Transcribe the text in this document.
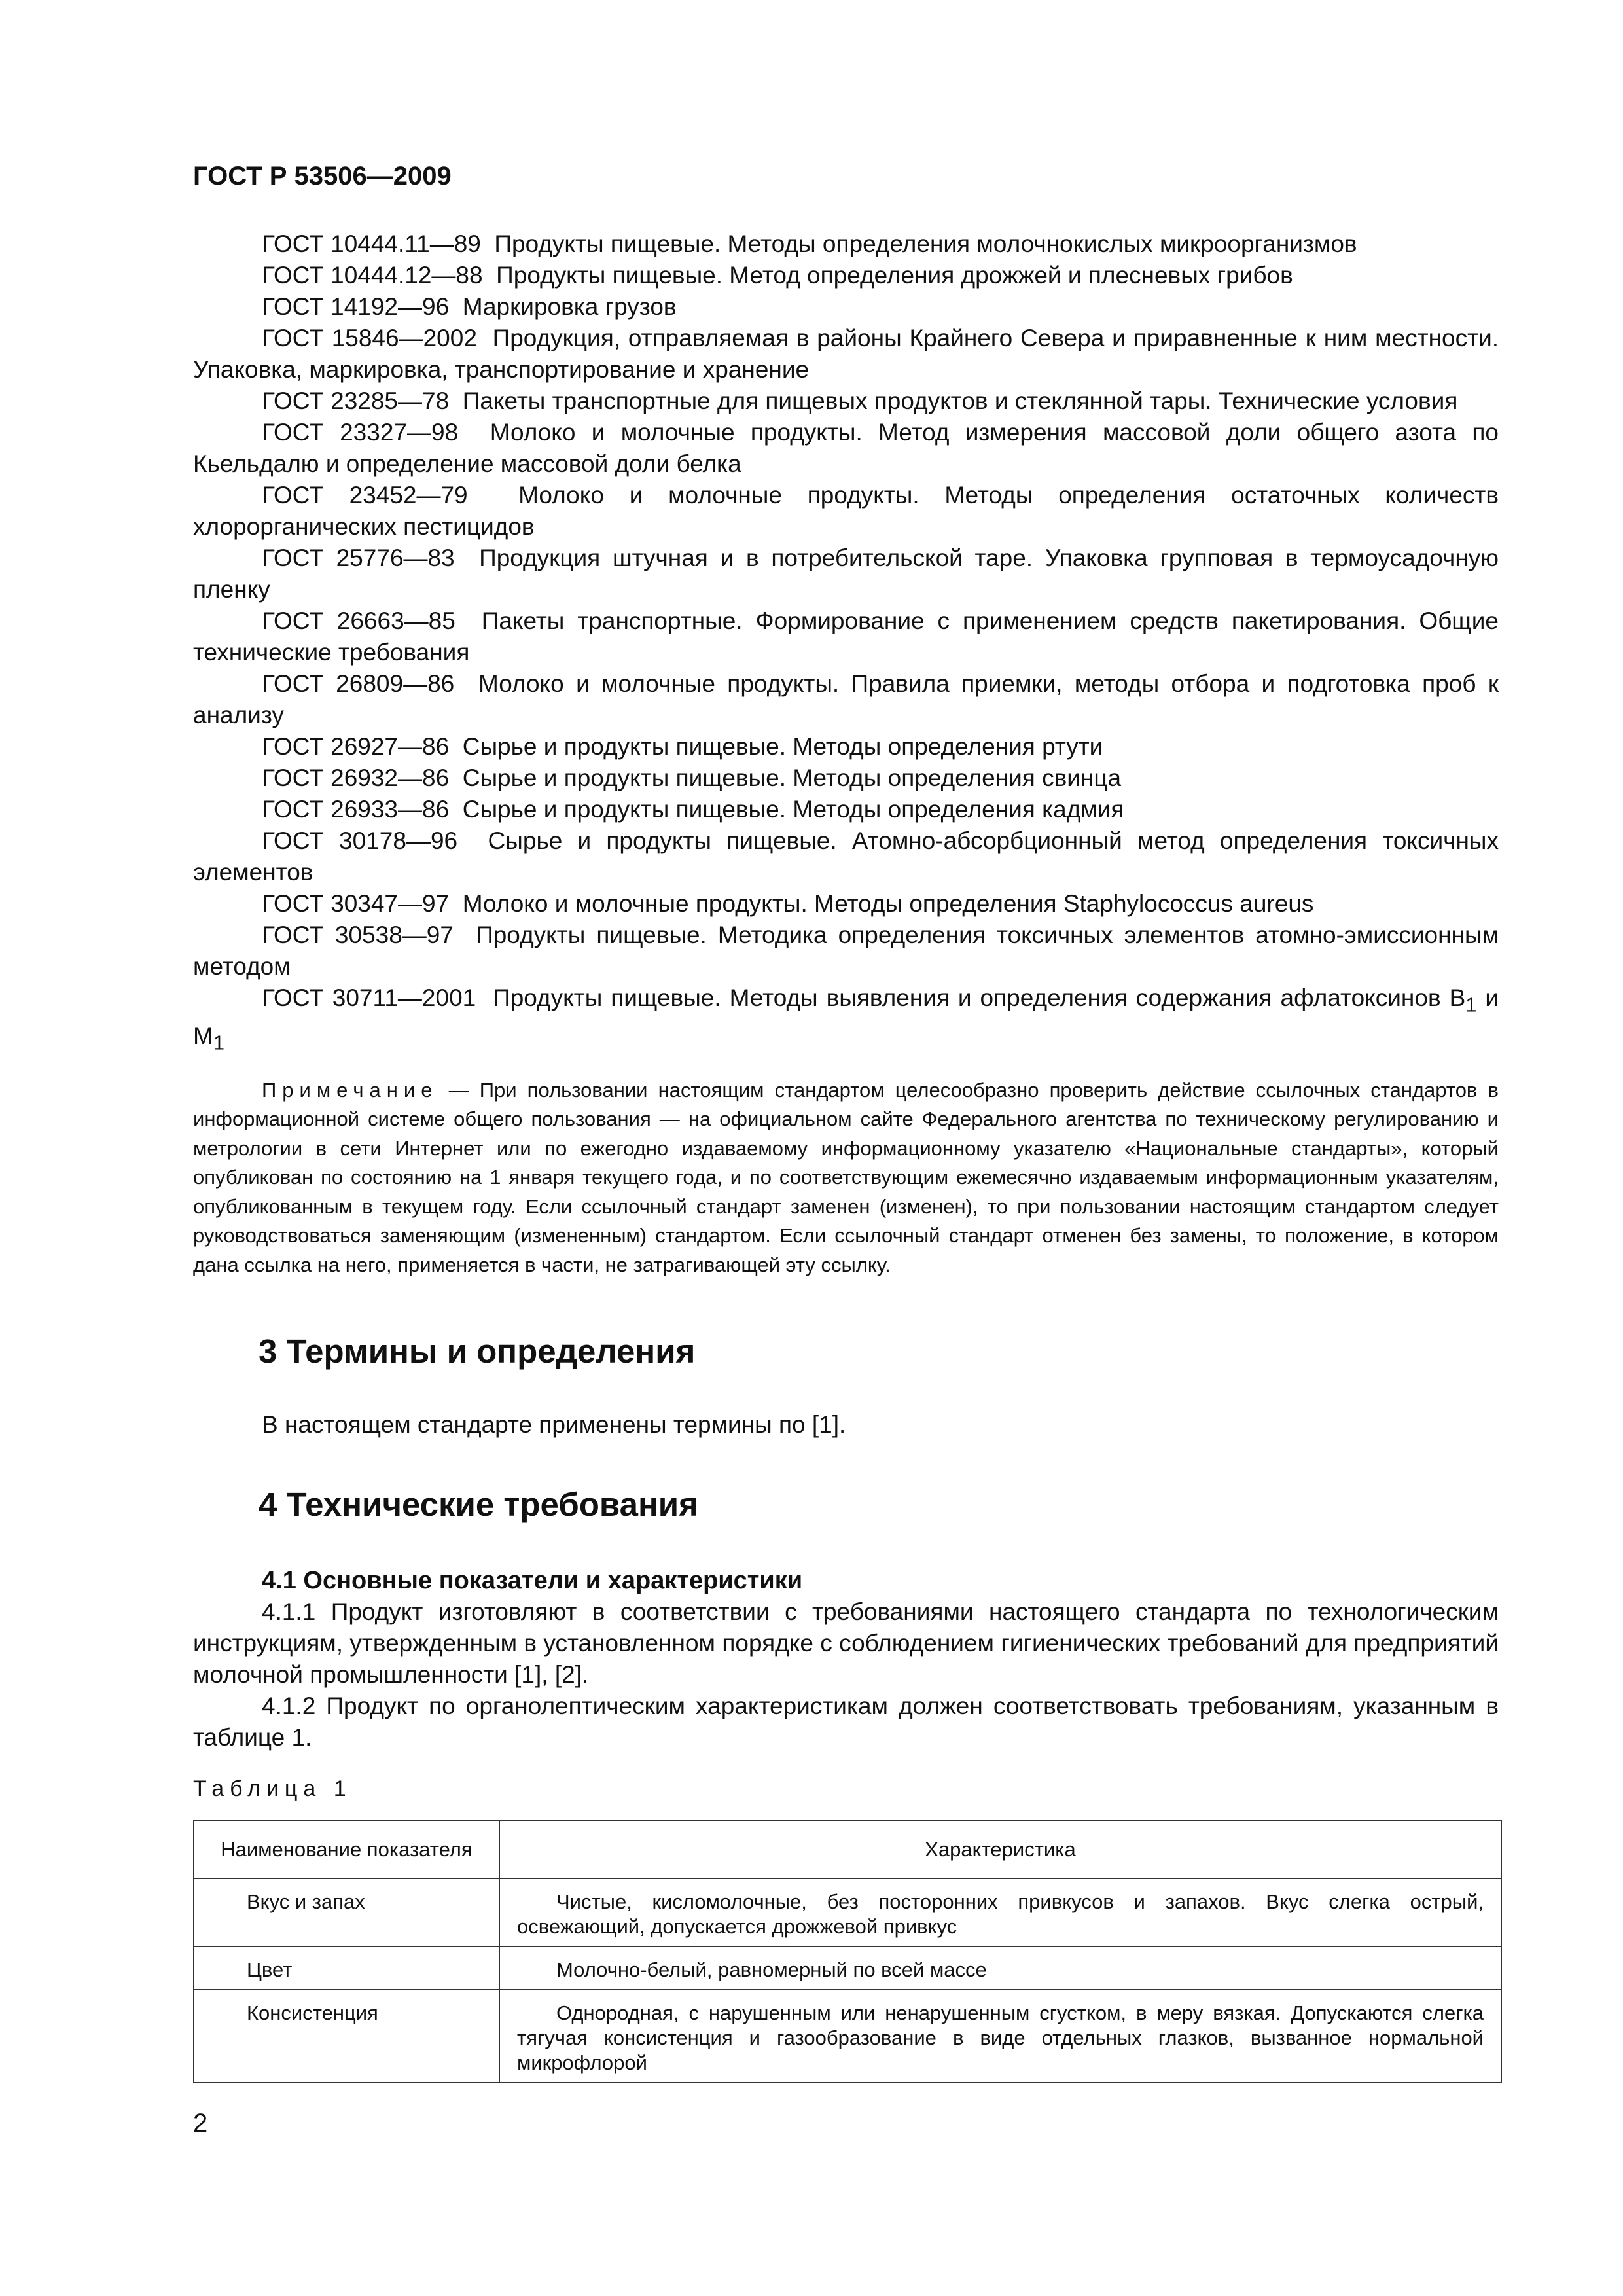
ГОСТ Р 53506—2009

ГОСТ 10444.11—89 Продукты пищевые. Методы определения молочнокислых микроорганизмов

ГОСТ 10444.12—88 Продукты пищевые. Метод определения дрожжей и плесневых грибов

ГОСТ 14192—96 Маркировка грузов

ГОСТ 15846—2002 Продукция, отправляемая в районы Крайнего Севера и приравненные к ним местности. Упаковка, маркировка, транспортирование и хранение

ГОСТ 23285—78 Пакеты транспортные для пищевых продуктов и стеклянной тары. Технические условия

ГОСТ 23327—98 Молоко и молочные продукты. Метод измерения массовой доли общего азота по Кьельдалю и определение массовой доли белка

ГОСТ 23452—79 Молоко и молочные продукты. Методы определения остаточных количеств хлорорганических пестицидов

ГОСТ 25776—83 Продукция штучная и в потребительской таре. Упаковка групповая в термоусадочную пленку

ГОСТ 26663—85 Пакеты транспортные. Формирование с применением средств пакетирования. Общие технические требования

ГОСТ 26809—86 Молоко и молочные продукты. Правила приемки, методы отбора и подготовка проб к анализу

ГОСТ 26927—86 Сырье и продукты пищевые. Методы определения ртути

ГОСТ 26932—86 Сырье и продукты пищевые. Методы определения свинца

ГОСТ 26933—86 Сырье и продукты пищевые. Методы определения кадмия

ГОСТ 30178—96 Сырье и продукты пищевые. Атомно-абсорбционный метод определения токсичных элементов

ГОСТ 30347—97 Молоко и молочные продукты. Методы определения Staphylococcus aureus

ГОСТ 30538—97 Продукты пищевые. Методика определения токсичных элементов атомно-эмиссионным методом

ГОСТ 30711—2001 Продукты пищевые. Методы выявления и определения содержания афлатоксинов $B_1$ и $M_1$

Примечание — При пользовании настоящим стандартом целесообразно проверить действие ссылочных стандартов в информационной системе общего пользования — на официальном сайте Федерального агентства по техническому регулированию и метрологии в сети Интернет или по ежегодно издаваемому информационному указателю «Национальные стандарты», который опубликован по состоянию на 1 января текущего года, и по соответствующим ежемесячно издаваемым информационным указателям, опубликованным в текущем году. Если ссылочный стандарт заменен (изменен), то при пользовании настоящим стандартом следует руководствоваться заменяющим (измененным) стандартом. Если ссылочный стандарт отменен без замены, то положение, в котором дана ссылка на него, применяется в части, не затрагивающей эту ссылку.

3 Термины и определения

В настоящем стандарте применены термины по [1].

4 Технические требования
4.1 Основные показатели и характеристики

4.1.1 Продукт изготовляют в соответствии с требованиями настоящего стандарта по технологическим инструкциям, утвержденным в установленном порядке с соблюдением гигиенических требований для предприятий молочной промышленности [1], [2].

4.1.2 Продукт по органолептическим характеристикам должен соответствовать требованиям, указанным в таблице 1.

Таблица 1
Наименование показателя	Характеристика
Вкус и запах	Чистые, кисломолочные, без посторонних привкусов и запахов. Вкус слегка острый, освежающий, допускается дрожжевой привкус
Цвет	Молочно-белый, равномерный по всей массе
Консистенция	Однородная, с нарушенным или ненарушенным сгустком, в меру вязкая. Допускаются слегка тягучая консистенция и газообразование в виде отдельных глазков, вызванное нормальной микрофлорой
2
